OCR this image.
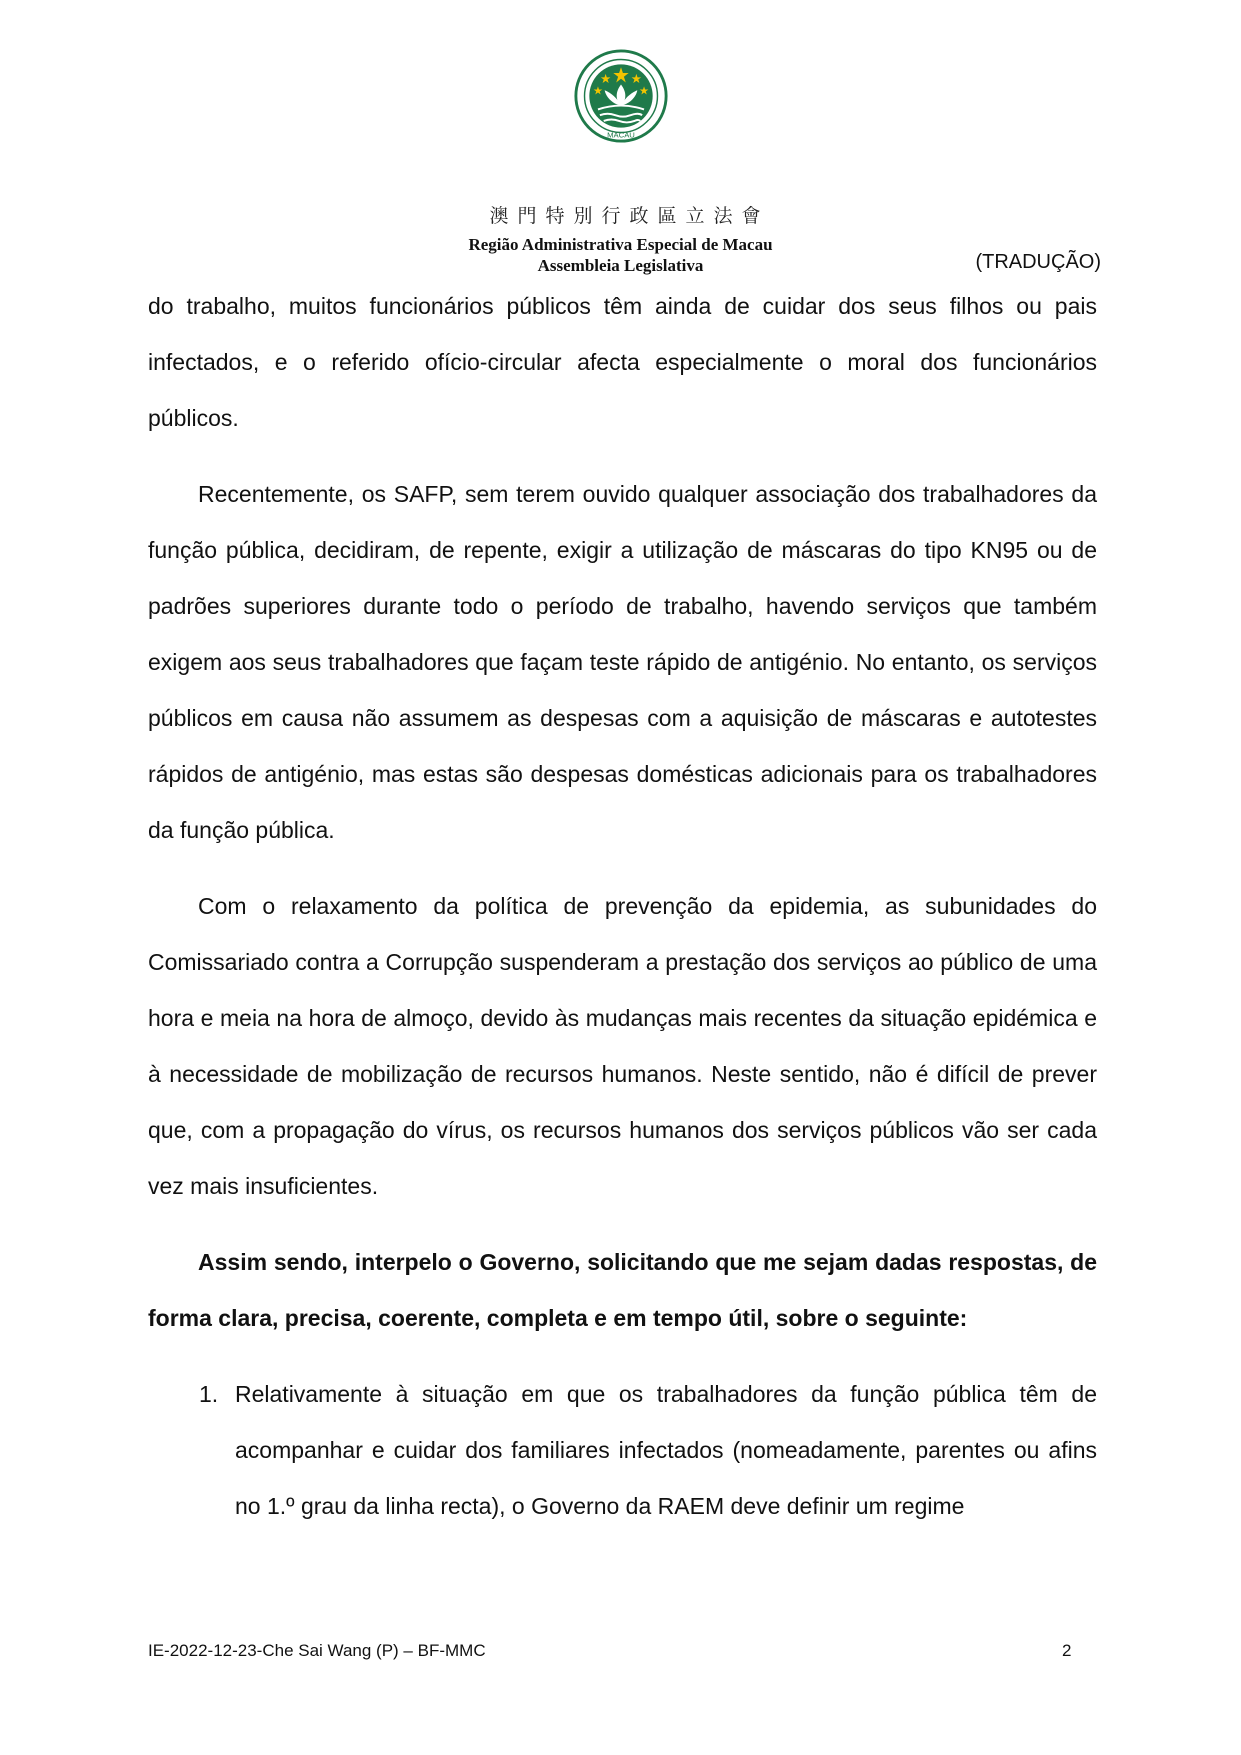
MACAU
澳門特別行政區立法會
Região Administrativa Especial de Macau
Assembleia Legislativa	(TRADUÇÃO)

do trabalho, muitos funcionários públicos têm ainda de cuidar dos seus filhos ou pais infectados, e o referido ofício-circular afecta especialmente o moral dos funcionários públicos.

Recentemente, os SAFP, sem terem ouvido qualquer associação dos trabalhadores da função pública, decidiram, de repente, exigir a utilização de máscaras do tipo KN95 ou de padrões superiores durante todo o período de trabalho, havendo serviços que também exigem aos seus trabalhadores que façam teste rápido de antigénio. No entanto, os serviços públicos em causa não assumem as despesas com a aquisição de máscaras e autotestes rápidos de antigénio, mas estas são despesas domésticas adicionais para os trabalhadores da função pública.

Com o relaxamento da política de prevenção da epidemia, as subunidades do Comissariado contra a Corrupção suspenderam a prestação dos serviços ao público de uma hora e meia na hora de almoço, devido às mudanças mais recentes da situação epidémica e à necessidade de mobilização de recursos humanos. Neste sentido, não é difícil de prever que, com a propagação do vírus, os recursos humanos dos serviços públicos vão ser cada vez mais insuficientes.

Assim sendo, interpelo o Governo, solicitando que me sejam dadas respostas, de forma clara, precisa, coerente, completa e em tempo útil, sobre o seguinte:

1. Relativamente à situação em que os trabalhadores da função pública têm de acompanhar e cuidar dos familiares infectados (nomeadamente, parentes ou afins no 1.º grau da linha recta), o Governo da RAEM deve definir um regime
IE-2022-12-23-Che Sai Wang (P) – BF-MMC	2
